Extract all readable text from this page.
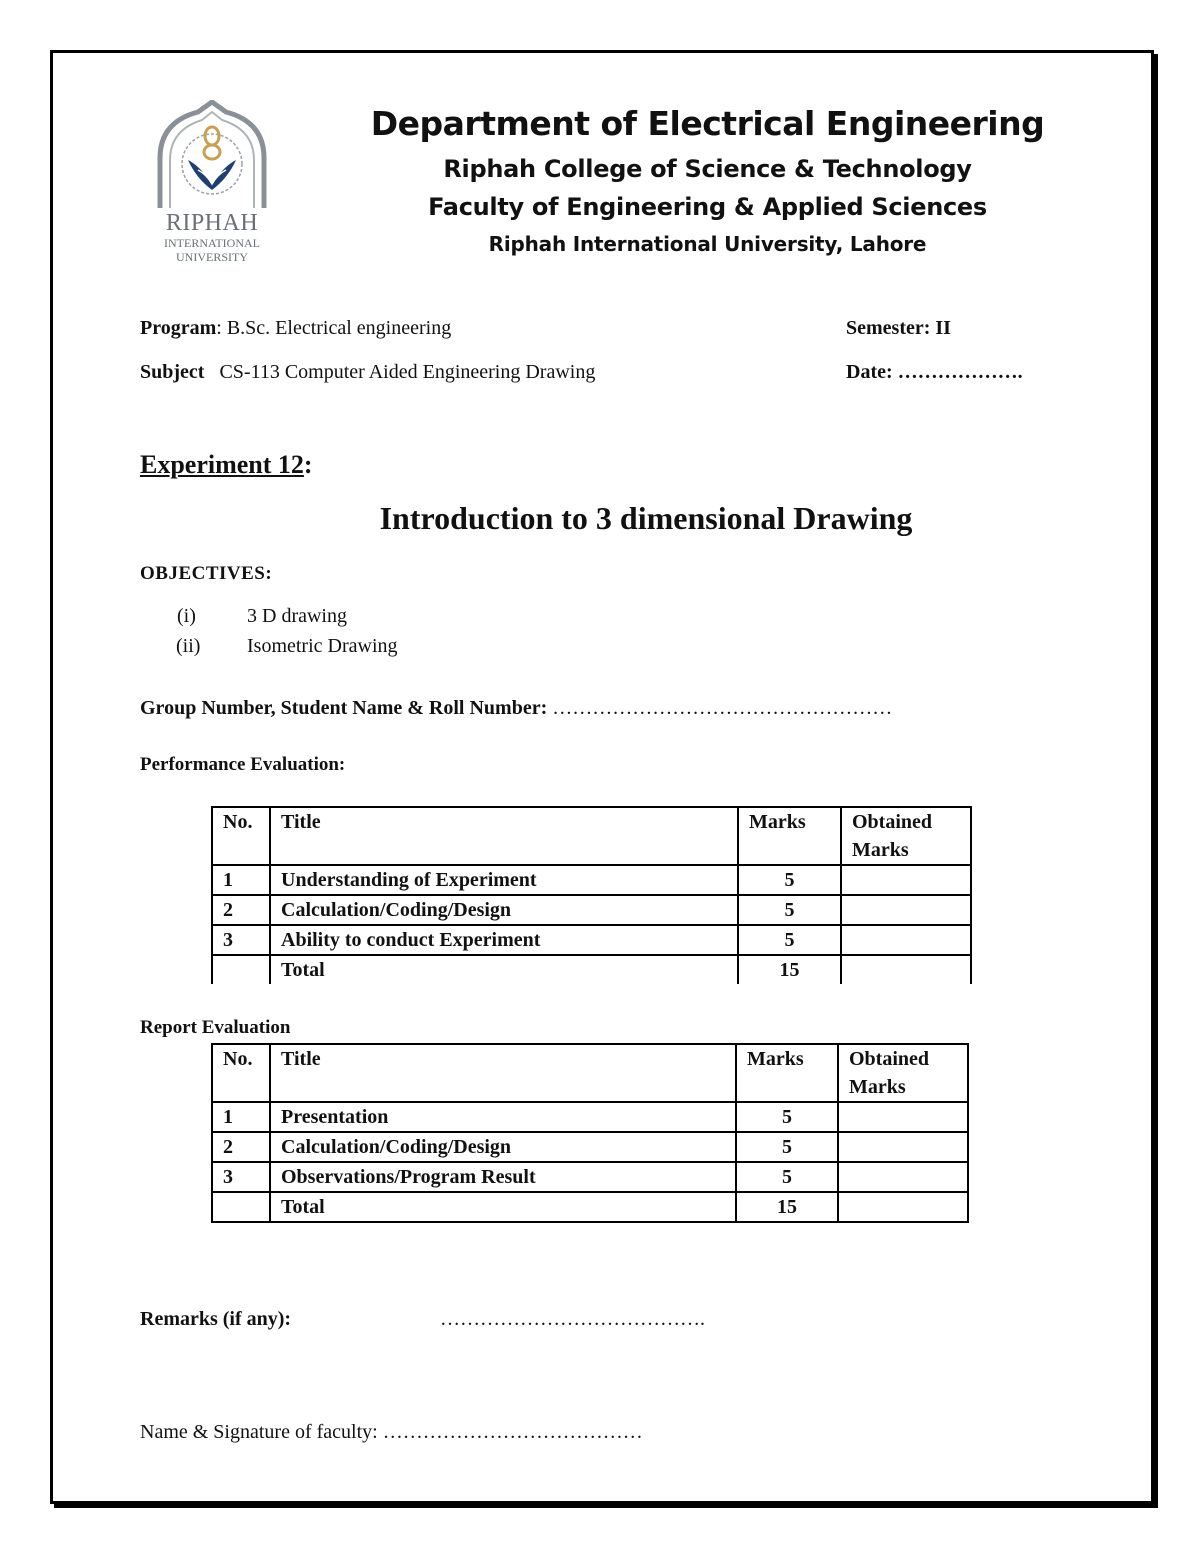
RIPHAH
INTERNATIONAL
UNIVERSITY
Department of Electrical Engineering
Riphah College of Science & Technology
Faculty of Engineering & Applied Sciences
Riphah International University, Lahore
Program: B.Sc. Electrical engineering	Semester: II
Subject CS-113 Computer Aided Engineering Drawing	Date: ……………….
Experiment 12:
Introduction to 3 dimensional Drawing
OBJECTIVES:
(i)	3 D drawing
(ii) Isometric Drawing
Group Number, Student Name & Roll Number: ……………………………………………
Performance Evaluation:
No.	Title	Marks	Obtained Marks
1	Understanding of Experiment	5	
2	Calculation/Coding/Design	5	
3	Ability to conduct Experiment	5	
	Total	15	
Report Evaluation
No.	Title	Marks	Obtained Marks
1	Presentation	5	
2	Calculation/Coding/Design	5	
3	Observations/Program Result	5	
	Total	15	
Remarks (if any):	………………………………….
Name & Signature of faculty: …………………………………
